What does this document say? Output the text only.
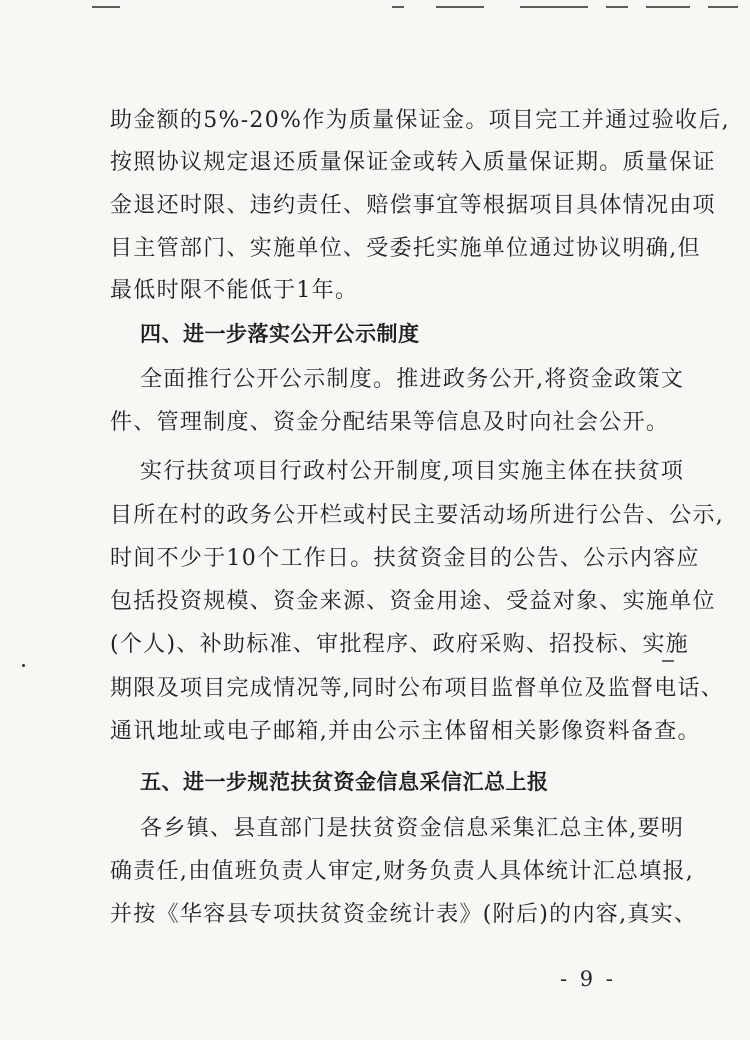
助金额的5%-20%作为质量保证金。项目完工并通过验收后,
按照协议规定退还质量保证金或转入质量保证期。质量保证
金退还时限、违约责任、赔偿事宜等根据项目具体情况由项
目主管部门、实施单位、受委托实施单位通过协议明确,但
最低时限不能低于1年。
四、进一步落实公开公示制度
全面推行公开公示制度。推进政务公开,将资金政策文
件、管理制度、资金分配结果等信息及时向社会公开。
实行扶贫项目行政村公开制度,项目实施主体在扶贫项
目所在村的政务公开栏或村民主要活动场所进行公告、公示,
时间不少于10个工作日。扶贫资金目的公告、公示内容应
包括投资规模、资金来源、资金用途、受益对象、实施单位
(个人)、补助标准、审批程序、政府采购、招投标、实施
期限及项目完成情况等,同时公布项目监督单位及监督电话、
通讯地址或电子邮箱,并由公示主体留相关影像资料备查。
五、进一步规范扶贫资金信息采信汇总上报
各乡镇、县直部门是扶贫资金信息采集汇总主体,要明
确责任,由值班负责人审定,财务负责人具体统计汇总填报,
并按《华容县专项扶贫资金统计表》(附后)的内容,真实、
- 9 -
